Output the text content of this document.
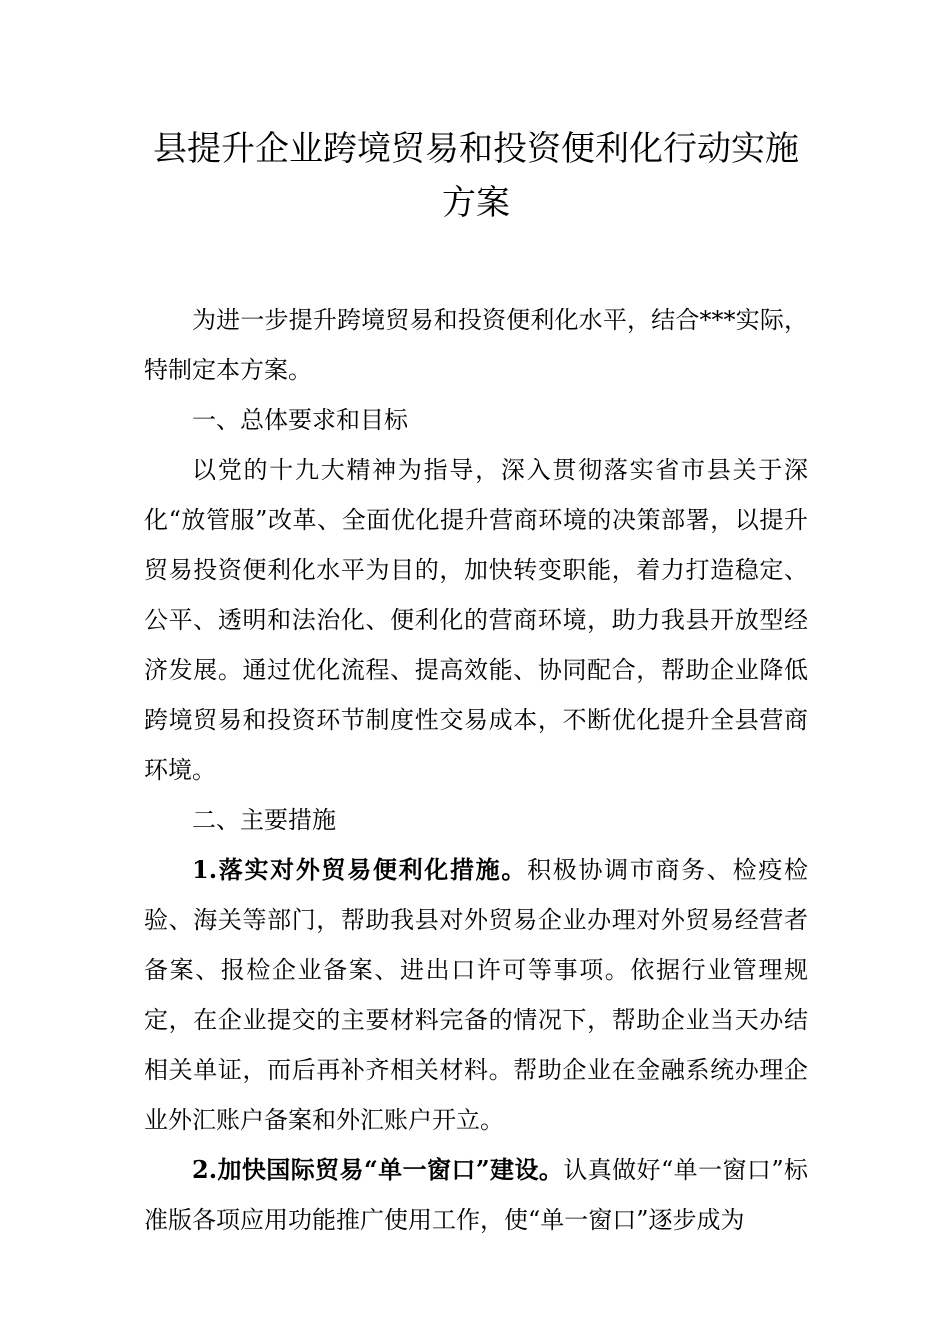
县提升企业跨境贸易和投资便利化行动实施方案

为进一步提升跨境贸易和投资便利化水平，结合***实际，特制定本方案。

一、总体要求和目标

以党的十九大精神为指导，深入贯彻落实省市县关于深化“放管服”改革、全面优化提升营商环境的决策部署，以提升贸易投资便利化水平为目的，加快转变职能，着力打造稳定、公平、透明和法治化、便利化的营商环境，助力我县开放型经济发展。通过优化流程、提高效能、协同配合，帮助企业降低跨境贸易和投资环节制度性交易成本，不断优化提升全县营商环境。

二、主要措施

1.落实对外贸易便利化措施。积极协调市商务、检疫检验、海关等部门，帮助我县对外贸易企业办理对外贸易经营者备案、报检企业备案、进出口许可等事项。依据行业管理规定，在企业提交的主要材料完备的情况下，帮助企业当天办结相关单证，而后再补齐相关材料。帮助企业在金融系统办理企业外汇账户备案和外汇账户开立。

2.加快国际贸易“单一窗口”建设。认真做好“单一窗口”标准版各项应用功能推广使用工作，使“单一窗口”逐步成为
